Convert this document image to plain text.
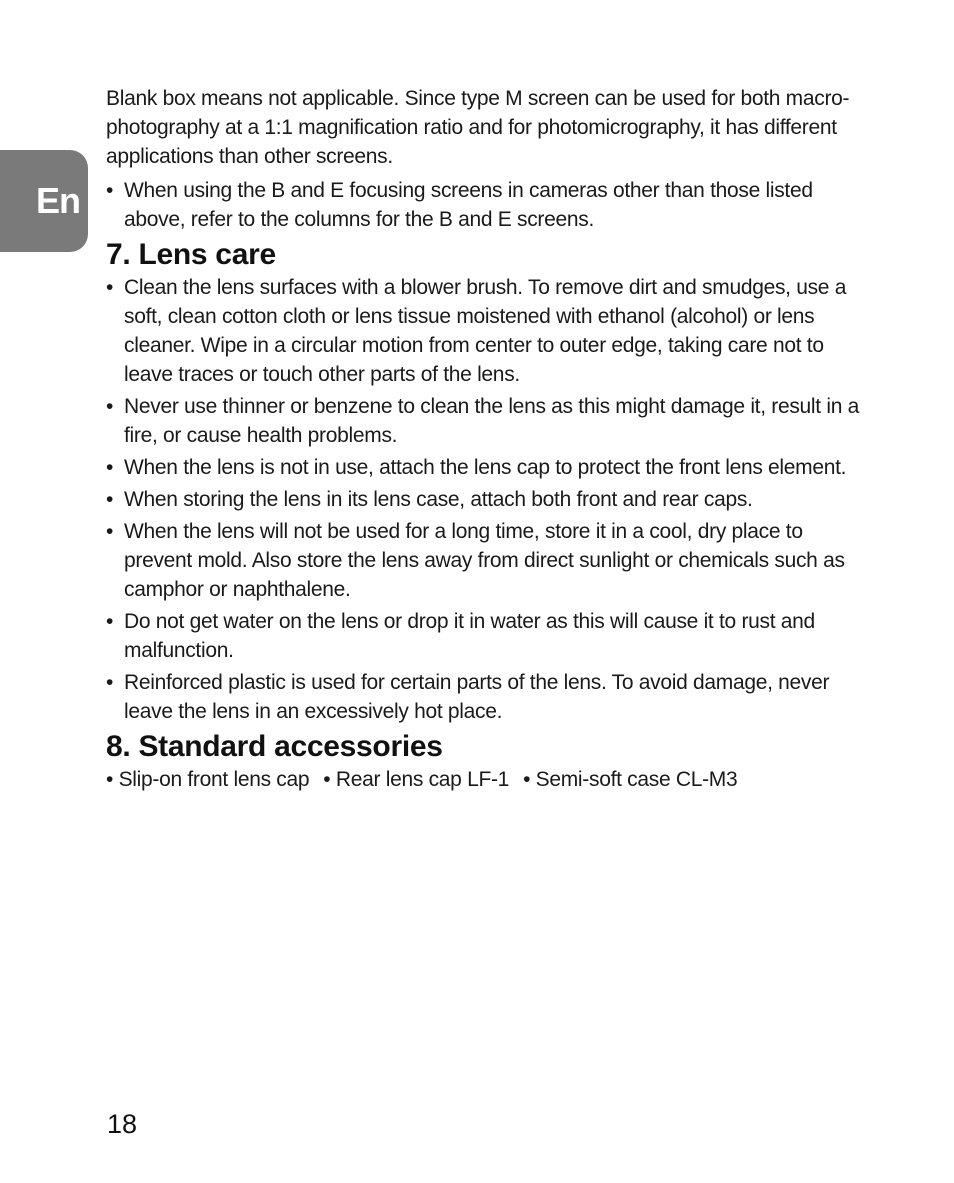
En

Blank box means not applicable. Since type M screen can be used for both macro-photography at a 1:1 magnification ratio and for photomicrography, it has different applications than other screens.

• When using the B and E focusing screens in cameras other than those listed above, refer to the columns for the B and E screens.
7. Lens care
• Clean the lens surfaces with a blower brush. To remove dirt and smudges, use a soft, clean cotton cloth or lens tissue moistened with ethanol (alcohol) or lens cleaner. Wipe in a circular motion from center to outer edge, taking care not to leave traces or touch other parts of the lens.
• Never use thinner or benzene to clean the lens as this might damage it, result in a fire, or cause health problems.
• When the lens is not in use, attach the lens cap to protect the front lens element.
• When storing the lens in its lens case, attach both front and rear caps.
• When the lens will not be used for a long time, store it in a cool, dry place to prevent mold. Also store the lens away from direct sunlight or chemicals such as camphor or naphthalene.
• Do not get water on the lens or drop it in water as this will cause it to rust and malfunction.
• Reinforced plastic is used for certain parts of the lens. To avoid damage, never leave the lens in an excessively hot place.
8. Standard accessories
• Slip-on front lens cap	• Rear lens cap LF-1	• Semi-soft case CL-M3
18
